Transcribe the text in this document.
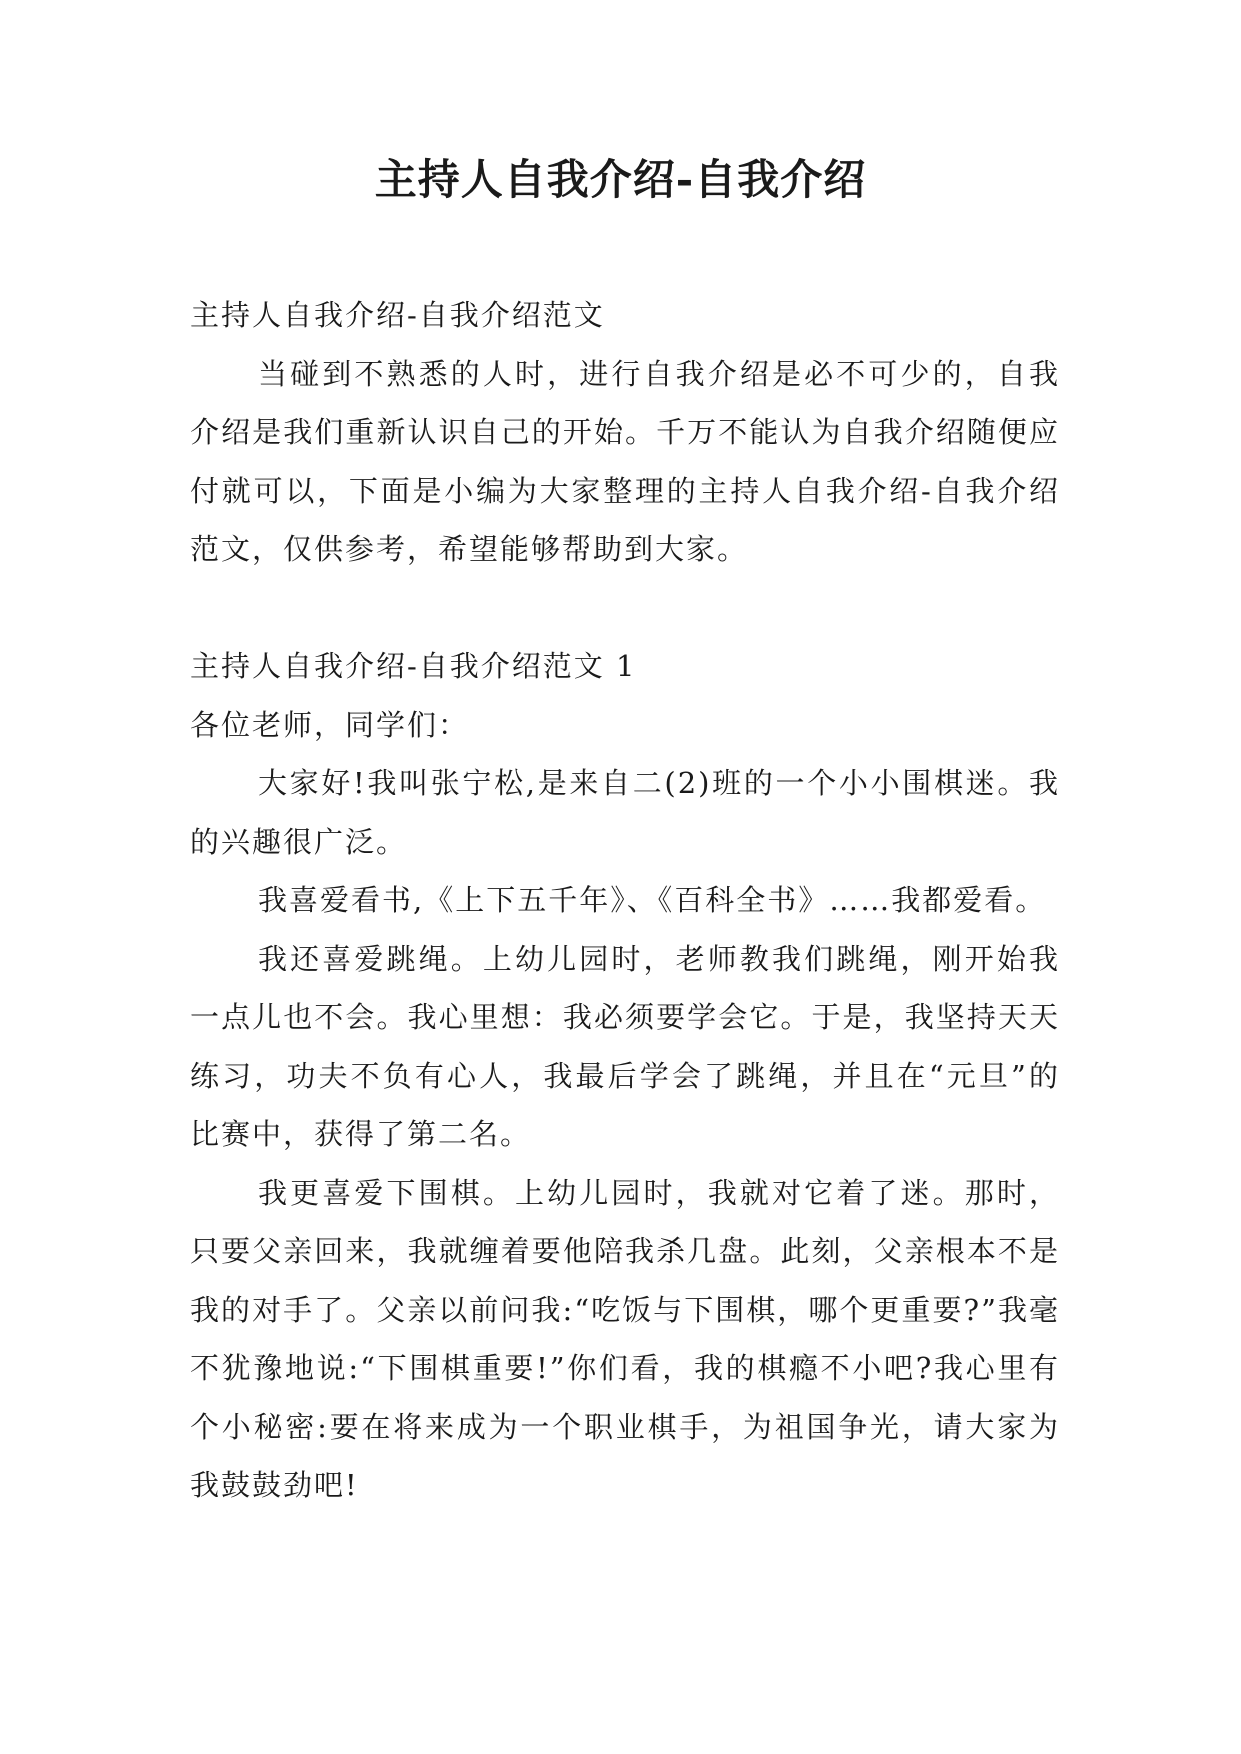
主持人自我介绍-自我介绍

主持人自我介绍-自我介绍范文

当碰到不熟悉的人时，进行自我介绍是必不可少的，自我介绍是我们重新认识自己的开始。千万不能认为自我介绍随便应付就可以，下面是小编为大家整理的主持人自我介绍-自我介绍范文，仅供参考，希望能够帮助到大家。

主持人自我介绍-自我介绍范文 1

各位老师，同学们：

大家好!我叫张宁松,是来自二(2)班的一个小小围棋迷。我的兴趣很广泛。

我喜爱看书,《上下五千年》、《百科全书》……我都爱看。

我还喜爱跳绳。上幼儿园时，老师教我们跳绳，刚开始我一点儿也不会。我心里想：我必须要学会它。于是，我坚持天天练习，功夫不负有心人，我最后学会了跳绳，并且在“元旦”的比赛中，获得了第二名。

我更喜爱下围棋。上幼儿园时，我就对它着了迷。那时，只要父亲回来，我就缠着要他陪我杀几盘。此刻，父亲根本不是我的对手了。父亲以前问我:“吃饭与下围棋，哪个更重要?”我毫不犹豫地说:“下围棋重要!”你们看，我的棋瘾不小吧?我心里有个小秘密:要在将来成为一个职业棋手，为祖国争光，请大家为我鼓鼓劲吧!
